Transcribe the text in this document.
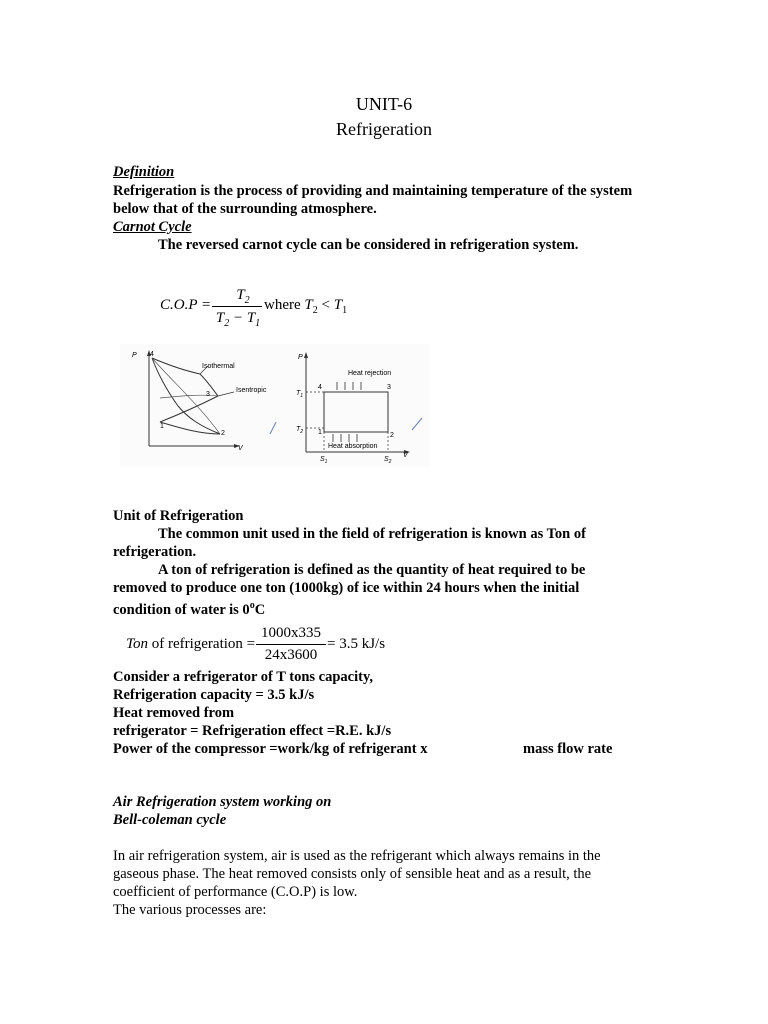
UNIT-6
Refrigeration
Definition
Refrigeration is the process of providing and maintaining temperature of the system
below that of the surrounding atmosphere.
Carnot Cycle
The reversed carnot cycle can be considered in refrigeration system.
C.O.P =
$T_2$
$T_2 - T_1$
where $T_2 < T_1$
P
V
Isothermal
Isentropic
4
3
1
2
P
V
Heat rejection
Heat absorption
$T_1$
$T_2$
$S_1$	$S_2$
4	3
1	2
Unit of Refrigeration
The common unit used in the field of refrigeration is known as Ton of
refrigeration.
A ton of refrigeration is defined as the quantity of heat required to be
removed to produce one ton (1000kg) of ice within 24 hours when the initial
condition of water is 0$^o$C
Ton of refrigeration =
1000x335
24x3600
= 3.5 kJ/s
Consider a refrigerator of T tons capacity,
Refrigeration capacity = 3.5 kJ/s
Heat removed from
refrigerator = Refrigeration effect =R.E. kJ/s
Power of the compressor =work/kg of refrigerant x	mass flow rate
Air Refrigeration system working on
Bell-coleman cycle
In air refrigeration system, air is used as the refrigerant which always remains in the
gaseous phase. The heat removed consists only of sensible heat and as a result, the
coefficient of performance (C.O.P) is low.
The various processes are:
